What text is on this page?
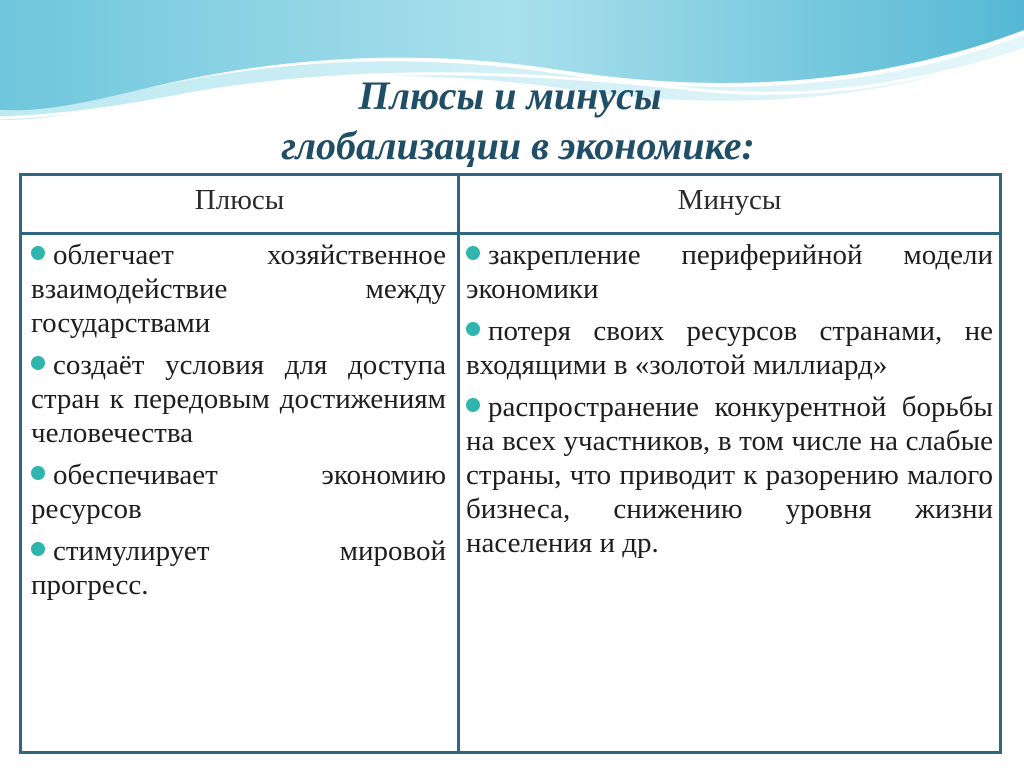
Плюсы и минусы
глобализации в экономике:
Плюсы	Минусы
облегчает хозяйственное взаимодействие между государствами
создаёт условия для доступа стран к передовым достижениям человечества
обеспечивает экономию ресурсов
стимулирует мировой прогресс.
закрепление периферийной модели экономики
потеря своих ресурсов странами, не входящими в «золотой миллиард»
распространение конкурентной борьбы на всех участников, в том числе на слабые страны, что приводит к разорению малого бизнеса, снижению уровня жизни населения и др.
